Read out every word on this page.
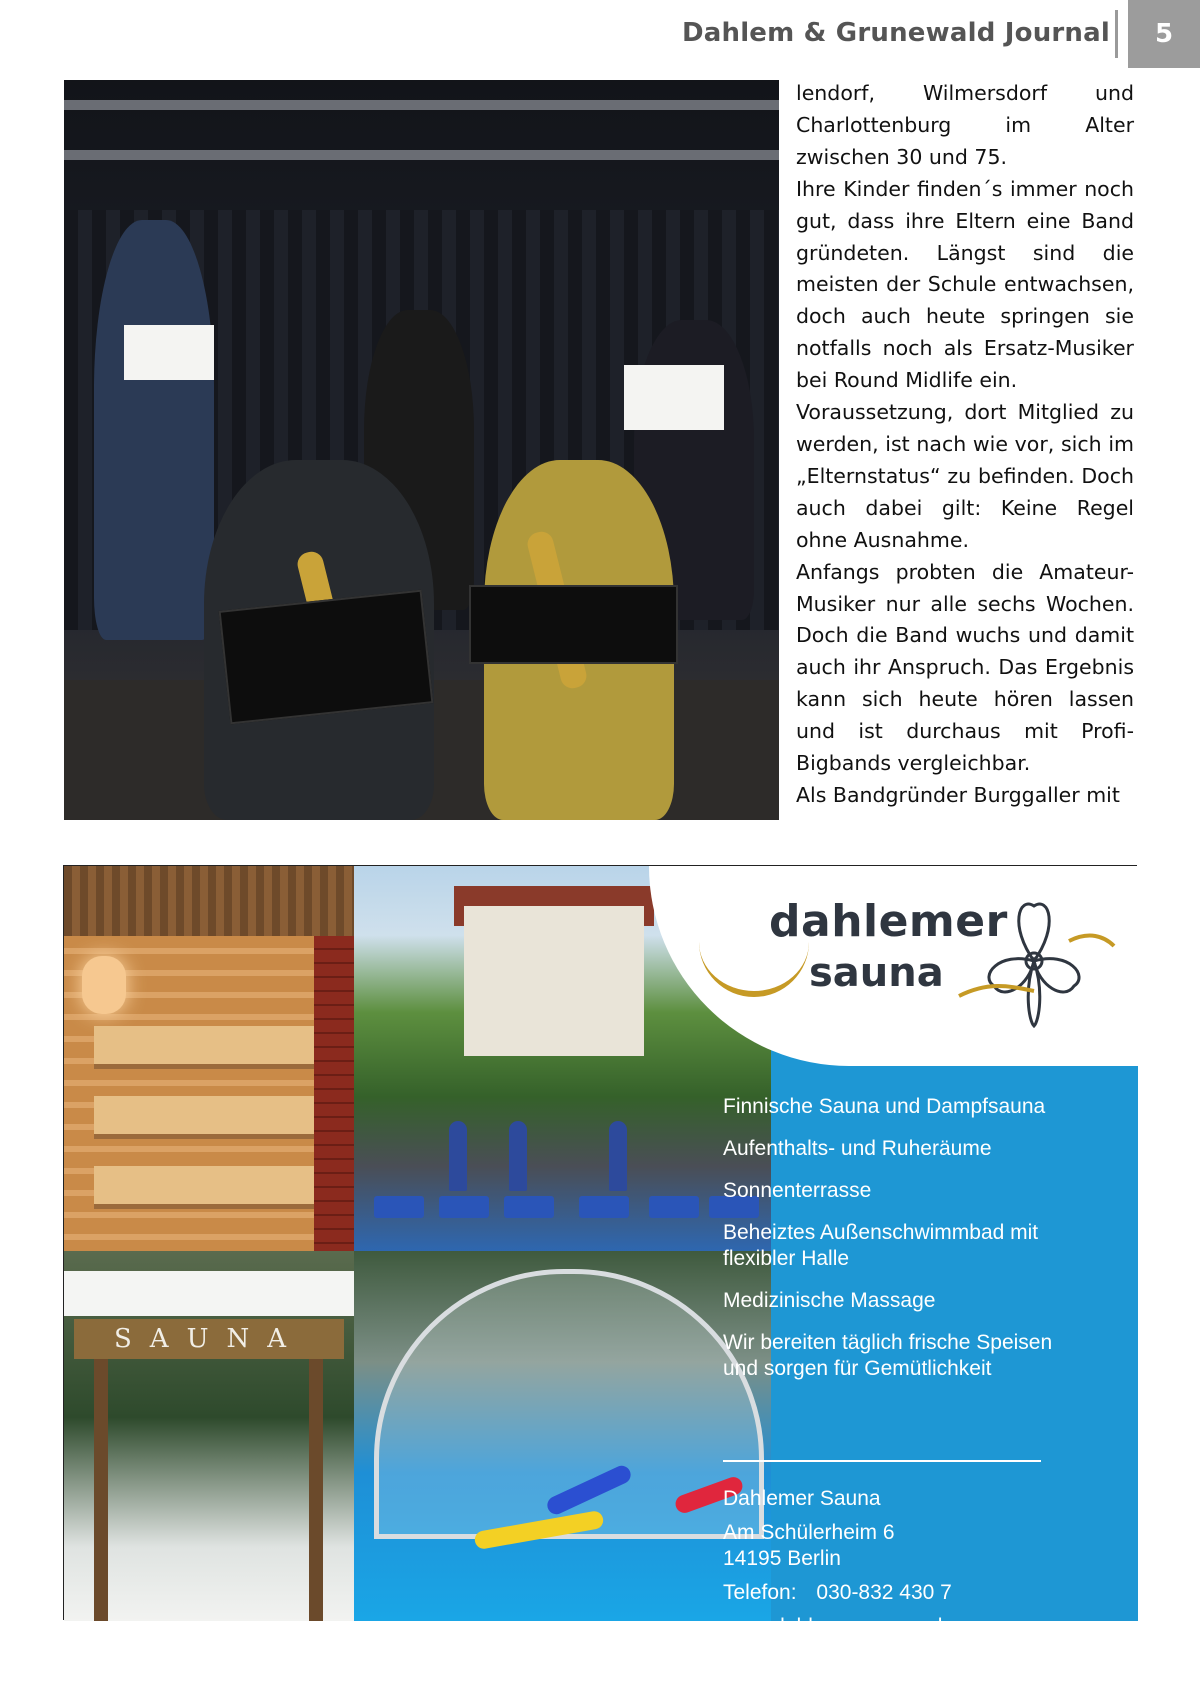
Dahlem & Grunewald Journal	5

lendorf, Wilmersdorf und Charlottenburg im Alter zwischen 30 und 75.

Ihre Kinder finden´s immer noch gut, dass ihre Eltern eine Band gründeten. Längst sind die meisten der Schule entwachsen, doch auch heute springen sie notfalls noch als Ersatz-Musiker bei Round Midlife ein.

Voraussetzung, dort Mitglied zu werden, ist nach wie vor, sich im „Elternstatus“ zu befinden. Doch auch dabei gilt: Keine Regel ohne Ausnahme.

Anfangs probten die Amateur-Musiker nur alle sechs Wochen. Doch die Band wuchs und damit auch ihr Anspruch. Das Ergebnis kann sich heute hören lassen und ist durchaus mit Profi-Bigbands vergleichbar.

Als Bandgründer Burggaller mit

SAUNA
dahlemer
sauna
Finnische Sauna und Dampfsauna
Aufenthalts- und Ruheräume
Sonnenterrasse
Beheiztes Außenschwimmbad mit flexibler Halle
Medizinische Massage
Wir bereiten täglich frische Speisen und sorgen für Gemütlichkeit
Dahlemer Sauna
Am Schülerheim 6
14195 Berlin
Telefon: 030-832 430 7
www.dahlemer-sauna.de
